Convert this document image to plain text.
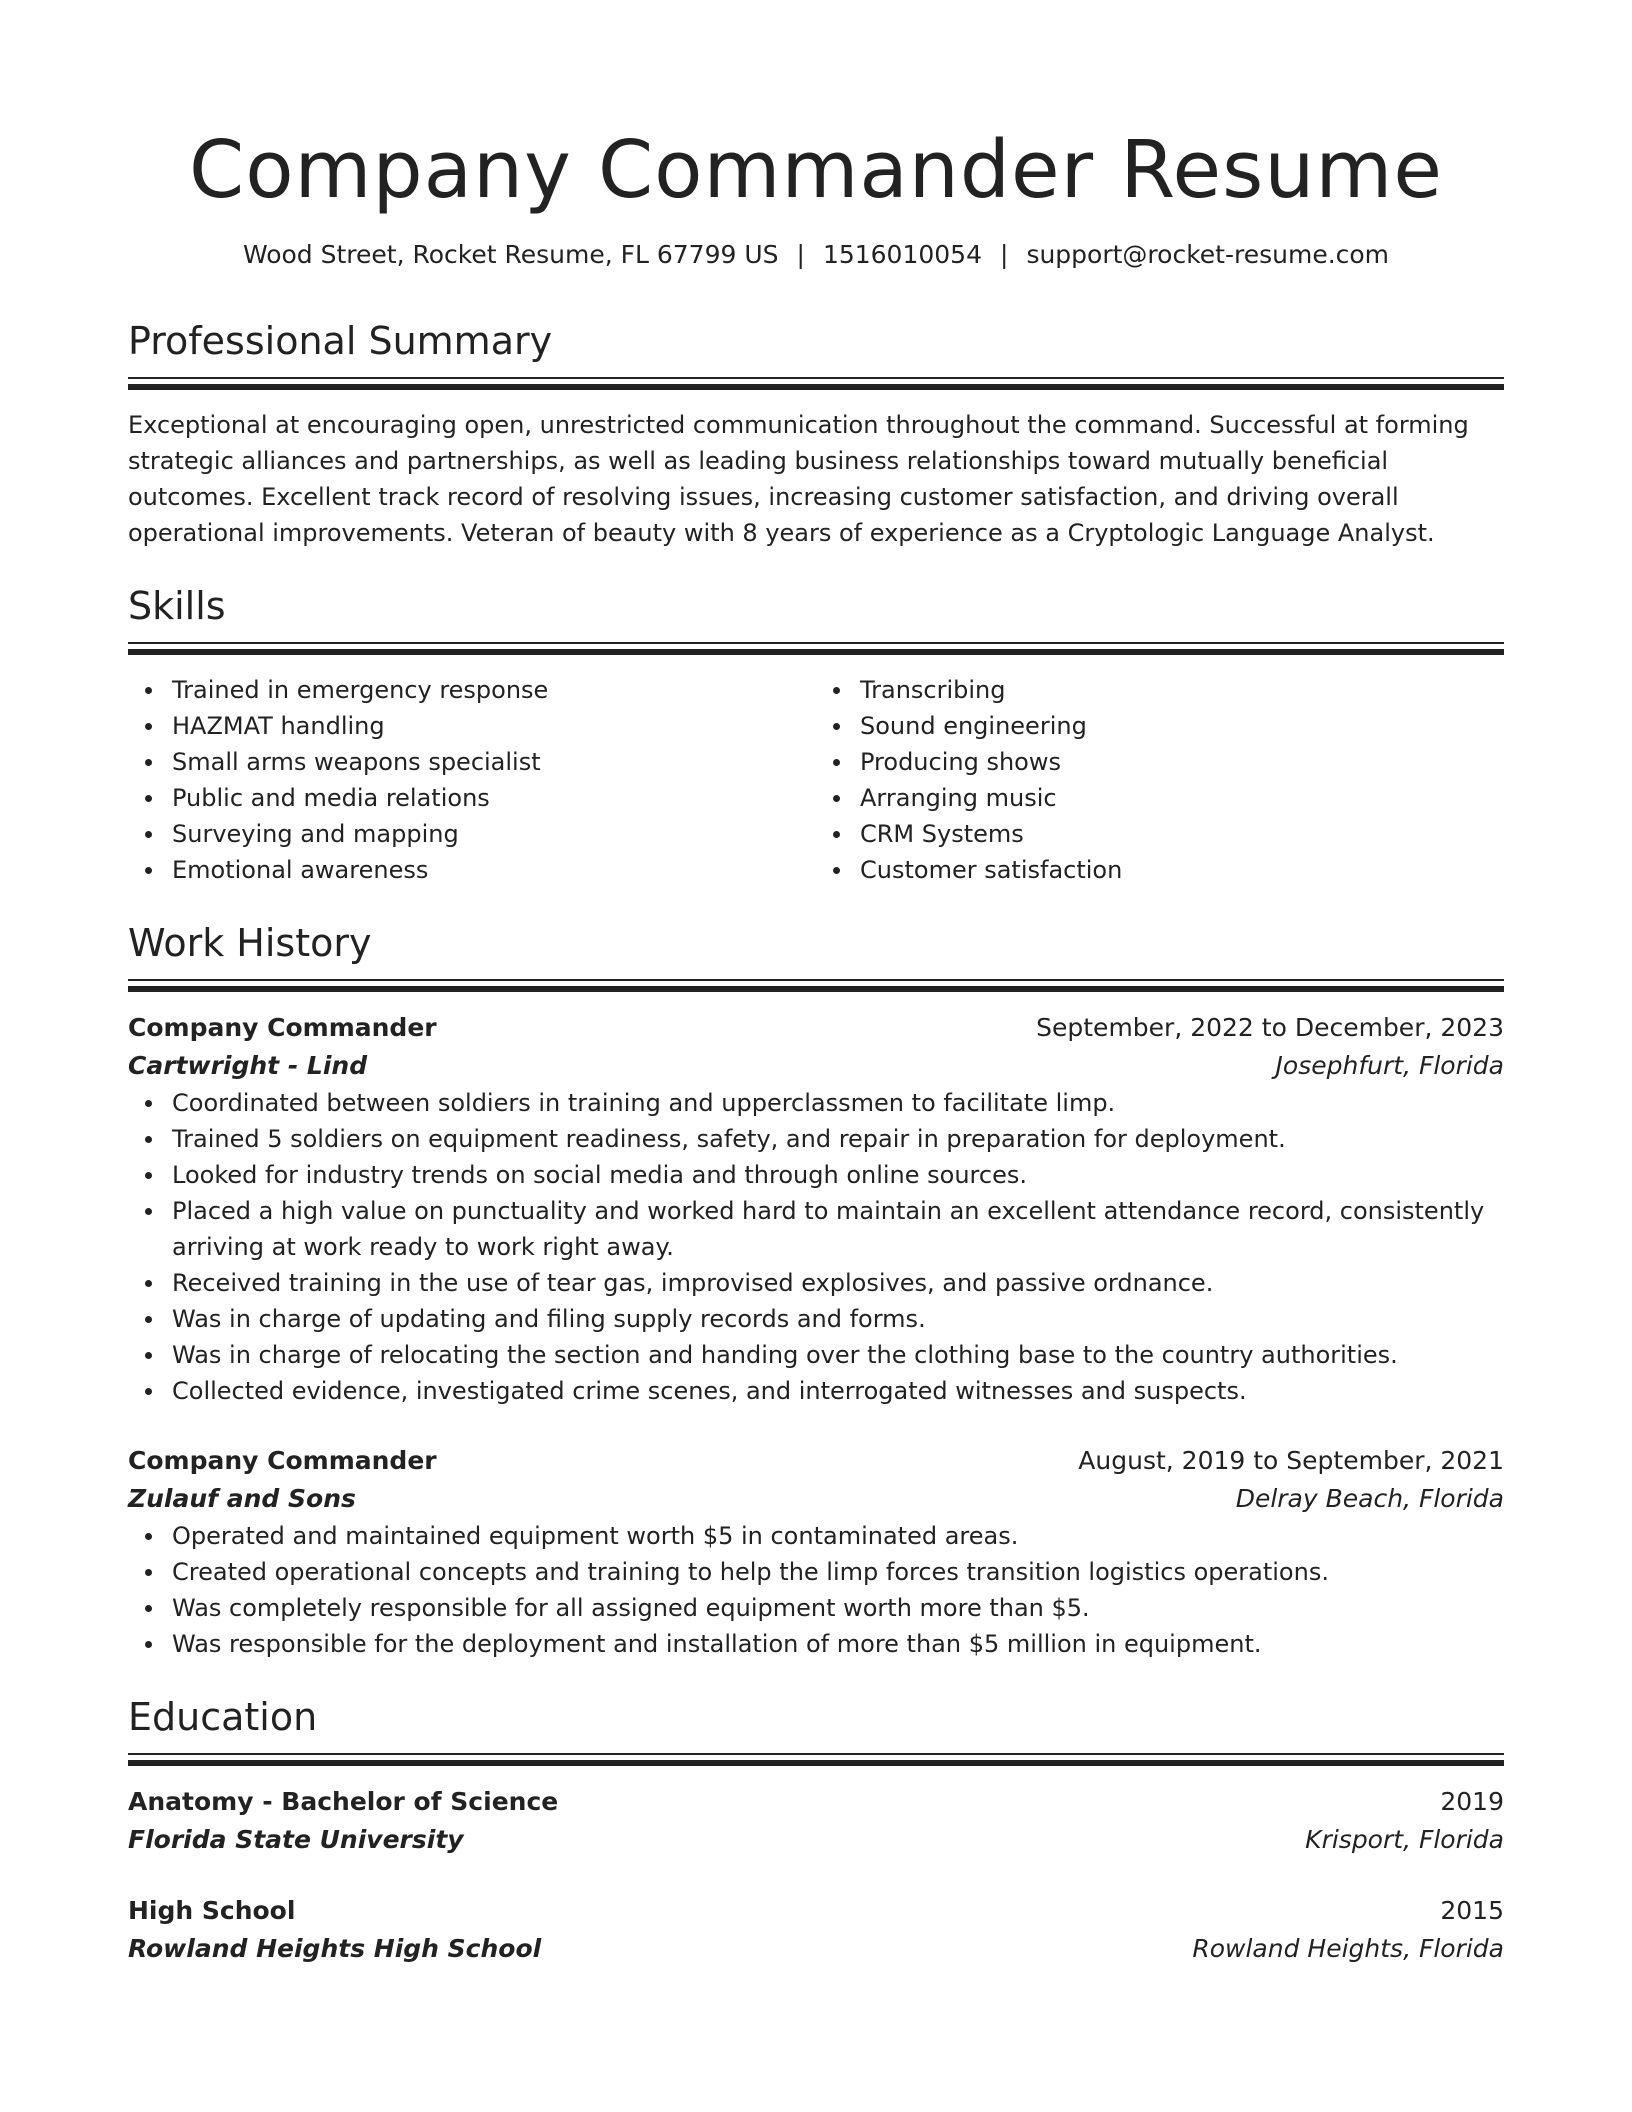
Company Commander Resume
Wood Street, Rocket Resume, FL 67799 US | 1516010054 | support@rocket-resume.com
Professional Summary
Exceptional at encouraging open, unrestricted communication throughout the command. Successful at forming strategic alliances and partnerships, as well as leading business relationships toward mutually beneficial outcomes. Excellent track record of resolving issues, increasing customer satisfaction, and driving overall operational improvements. Veteran of beauty with 8 years of experience as a Cryptologic Language Analyst.
Skills
Trained in emergency response
HAZMAT handling
Small arms weapons specialist
Public and media relations
Surveying and mapping
Emotional awareness
Transcribing
Sound engineering
Producing shows
Arranging music
CRM Systems
Customer satisfaction
Work History
Company Commander	September, 2022 to December, 2023
Cartwright - Lind	Josephfurt, Florida
Coordinated between soldiers in training and upperclassmen to facilitate limp.
Trained 5 soldiers on equipment readiness, safety, and repair in preparation for deployment.
Looked for industry trends on social media and through online sources.
Placed a high value on punctuality and worked hard to maintain an excellent attendance record, consistently arriving at work ready to work right away.
Received training in the use of tear gas, improvised explosives, and passive ordnance.
Was in charge of updating and filing supply records and forms.
Was in charge of relocating the section and handing over the clothing base to the country authorities.
Collected evidence, investigated crime scenes, and interrogated witnesses and suspects.
Company Commander	August, 2019 to September, 2021
Zulauf and Sons	Delray Beach, Florida
Operated and maintained equipment worth $5 in contaminated areas.
Created operational concepts and training to help the limp forces transition logistics operations.
Was completely responsible for all assigned equipment worth more than $5.
Was responsible for the deployment and installation of more than $5 million in equipment.
Education
Anatomy - Bachelor of Science	2019
Florida State University	Krisport, Florida
High School	2015
Rowland Heights High School	Rowland Heights, Florida
